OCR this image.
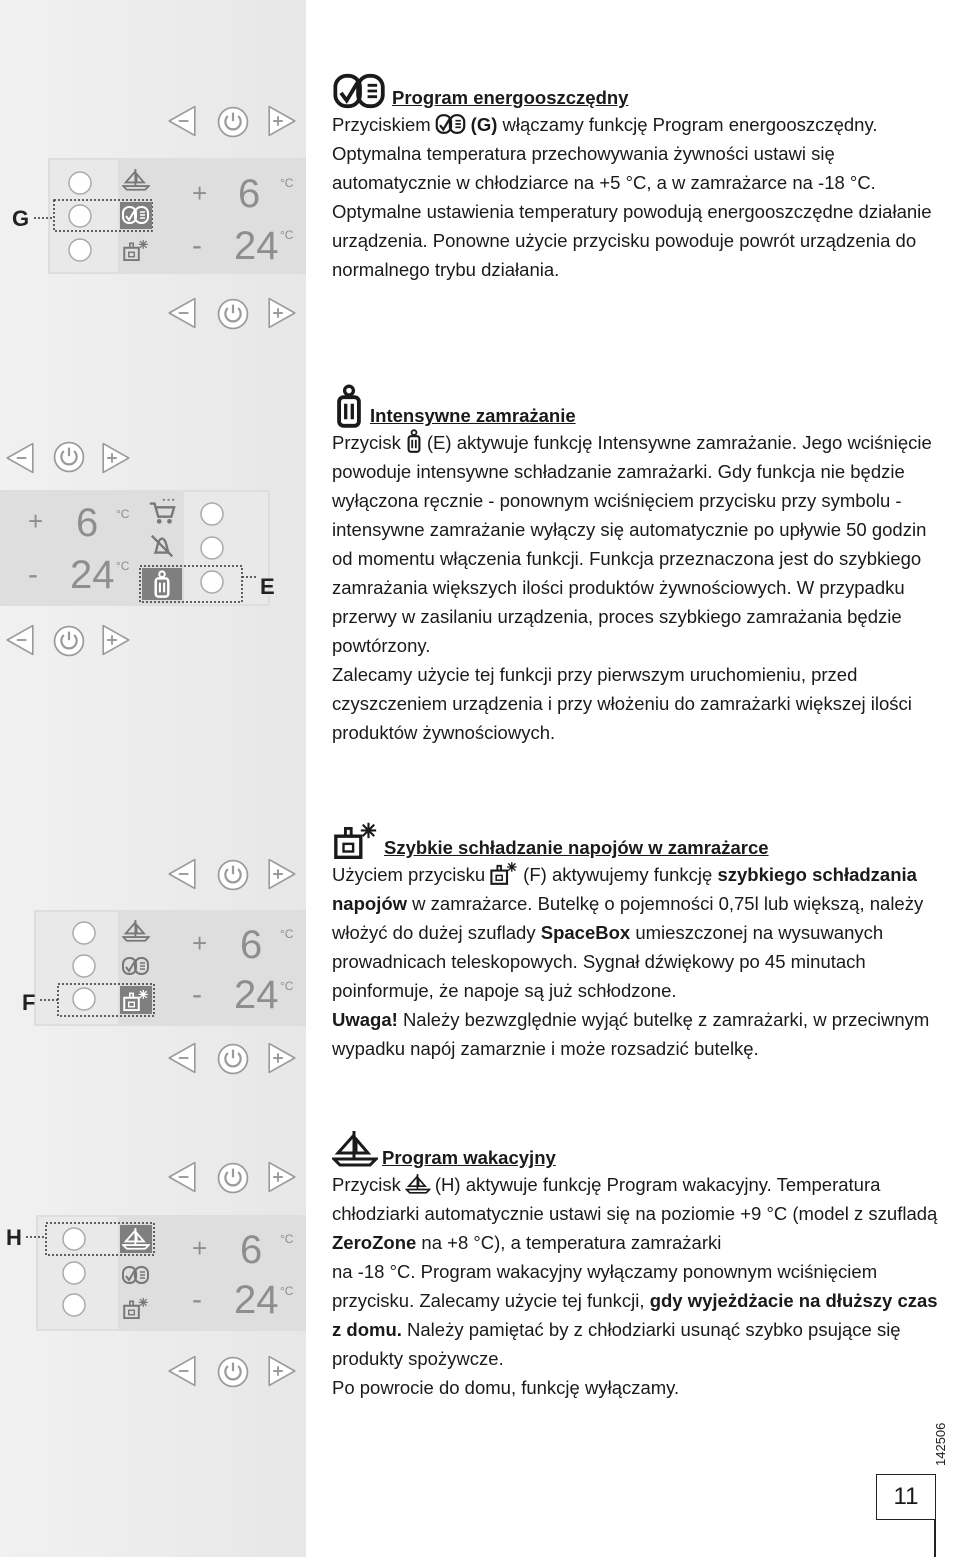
+ 6 °C
- 24 °C
G
+ 6 °C
- 24 °C
E
+ 6 °C
- 24 °C
F
+ 6 °C
- 24 °C
H
Program energooszczędny

Przyciskiem (G) włączamy funkcję Program energooszczędny. Optymalna temperatura przechowywania żywności ustawi się automatycznie w chłodziarce na +5 °C, a w zamrażarce na -18 °C. Optymalne ustawienia temperatury powodują energooszczędne działanie urządzenia. Ponowne użycie przycisku powoduje powrót urządzenia do normalnego trybu działania.

Intensywne zamrażanie

Przycisk (E) aktywuje funkcję Intensywne zamrażanie. Jego wciśnięcie powoduje intensywne schładzanie zamrażarki. Gdy funkcja nie będzie wyłączona ręcznie - ponownym wciśnięciem przycisku przy symbolu - intensywne zamrażanie wyłączy się automatycznie po upływie 50 godzin od momentu włączenia funkcji. Funkcja przeznaczona jest do szybkiego zamrażania większych ilości produktów żywnościowych. W przypadku przerwy w zasilaniu urządzenia, proces szybkiego zamrażania będzie powtórzony.

Zalecamy użycie tej funkcji przy pierwszym uruchomieniu, przed czyszczeniem urządzenia i przy włożeniu do zamrażarki większej ilości produktów żywnościowych.

Szybkie schładzanie napojów w zamrażarce

Użyciem przycisku (F) aktywujemy funkcję szybkiego schładzania napojów w zamrażarce. Butelkę o pojemności 0,75l lub większą, należy włożyć do dużej szuflady SpaceBox umieszczonej na wysuwanych prowadnicach teleskopowych. Sygnał dźwiękowy po 45 minutach poinformuje, że napoje są już schłodzone.

Uwaga! Należy bezwzględnie wyjąć butelkę z zamrażarki, w przeciwnym wypadku napój zamarznie i może rozsadzić butelkę.

Program wakacyjny

Przycisk (H) aktywuje funkcję Program wakacyjny. Temperatura chłodziarki automatycznie ustawi się na poziomie +9 °C (model z szufladą ZeroZone na +8 °C), a temperatura zamrażarki

na -18 °C. Program wakacyjny wyłączamy ponownym wciśnięciem przycisku. Zalecamy użycie tej funkcji, gdy wyjeżdżacie na dłuższy czas z domu. Należy pamiętać by z chłodziarki usunąć szybko psujące się produkty spożywcze.

Po powrocie do domu, funkcję wyłączamy.

142506
11
